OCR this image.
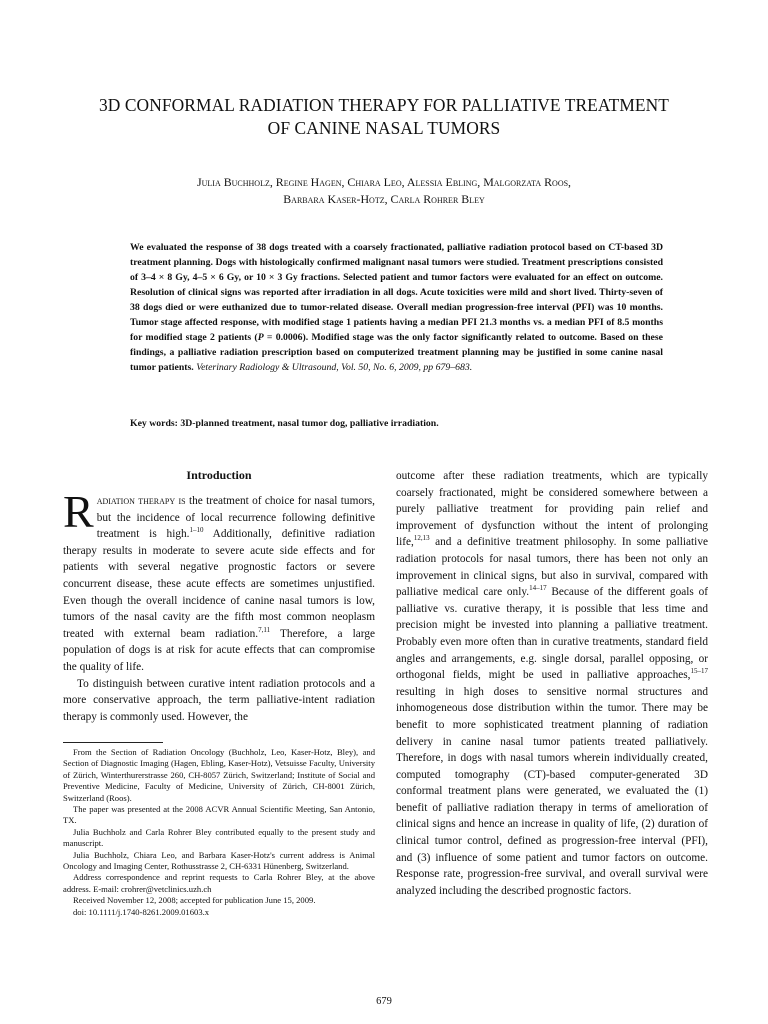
3D CONFORMAL RADIATION THERAPY FOR PALLIATIVE TREATMENT
OF CANINE NASAL TUMORS
Julia Buchholz, Regine Hagen, Chiara Leo, Alessia Ebling, Malgorzata Roos,
Barbara Kaser-Hotz, Carla Rohrer Bley

We evaluated the response of 38 dogs treated with a coarsely fractionated, palliative radiation protocol based on CT-based 3D treatment planning. Dogs with histologically confirmed malignant nasal tumors were studied. Treatment prescriptions consisted of 3–4 × 8 Gy, 4–5 × 6 Gy, or 10 × 3 Gy fractions. Selected patient and tumor factors were evaluated for an effect on outcome. Resolution of clinical signs was reported after irradiation in all dogs. Acute toxicities were mild and short lived. Thirty-seven of 38 dogs died or were euthanized due to tumor-related disease. Overall median progression-free interval (PFI) was 10 months. Tumor stage affected response, with modified stage 1 patients having a median PFI 21.3 months vs. a median PFI of 8.5 months for modified stage 2 patients (P = 0.0006). Modified stage was the only factor significantly related to outcome. Based on these findings, a palliative radiation prescription based on computerized treatment planning may be justified in some canine nasal tumor patients. Veterinary Radiology & Ultrasound, Vol. 50, No. 6, 2009, pp 679–683.

Key words: 3D-planned treatment, nasal tumor dog, palliative irradiation.

Introduction

Radiation therapy is the treatment of choice for nasal tumors, but the incidence of local recurrence following definitive treatment is high.$^{1-10}$ Additionally, definitive radiation therapy results in moderate to severe acute side effects and for patients with several negative prognostic factors or severe concurrent disease, these acute effects are sometimes unjustified. Even though the overall incidence of canine nasal tumors is low, tumors of the nasal cavity are the fifth most common neoplasm treated with external beam radiation.$^{7,11}$ Therefore, a large population of dogs is at risk for acute effects that can compromise the quality of life.

To distinguish between curative intent radiation protocols and a more conservative approach, the term palliative-intent radiation therapy is commonly used. However, the

From the Section of Radiation Oncology (Buchholz, Leo, Kaser-Hotz, Bley), and Section of Diagnostic Imaging (Hagen, Ebling, Kaser-Hotz), Vetsuisse Faculty, University of Zürich, Winterthurerstrasse 260, CH-8057 Zürich, Switzerland; Institute of Social and Preventive Medicine, Faculty of Medicine, University of Zürich, CH-8001 Zürich, Switzerland (Roos).

The paper was presented at the 2008 ACVR Annual Scientific Meeting, San Antonio, TX.

Julia Buchholz and Carla Rohrer Bley contributed equally to the present study and manuscript.

Julia Buchholz, Chiara Leo, and Barbara Kaser-Hotz's current address is Animal Oncology and Imaging Center, Rothusstrasse 2, CH-6331 Hünenberg, Switzerland.

Address correspondence and reprint requests to Carla Rohrer Bley, at the above address. E-mail: crohrer@vetclinics.uzh.ch

Received November 12, 2008; accepted for publication June 15, 2009.

doi: 10.1111/j.1740-8261.2009.01603.x

outcome after these radiation treatments, which are typically coarsely fractionated, might be considered somewhere between a purely palliative treatment for providing pain relief and improvement of dysfunction without the intent of prolonging life,$^{12,13}$ and a definitive treatment philosophy. In some palliative radiation protocols for nasal tumors, there has been not only an improvement in clinical signs, but also in survival, compared with palliative medical care only.$^{14-17}$ Because of the different goals of palliative vs. curative therapy, it is possible that less time and precision might be invested into planning a palliative treatment. Probably even more often than in curative treatments, standard field angles and arrangements, e.g. single dorsal, parallel opposing, or orthogonal fields, might be used in palliative approaches,$^{15-17}$ resulting in high doses to sensitive normal structures and inhomogeneous dose distribution within the tumor. There may be benefit to more sophisticated treatment planning of radiation delivery in canine nasal tumor patients treated palliatively. Therefore, in dogs with nasal tumors wherein individually created, computed tomography (CT)-based computer-generated 3D conformal treatment plans were generated, we evaluated the (1) benefit of palliative radiation therapy in terms of amelioration of clinical signs and hence an increase in quality of life, (2) duration of clinical tumor control, defined as progression-free interval (PFI), and (3) influence of some patient and tumor factors on outcome. Response rate, progression-free survival, and overall survival were analyzed including the described prognostic factors.

679
